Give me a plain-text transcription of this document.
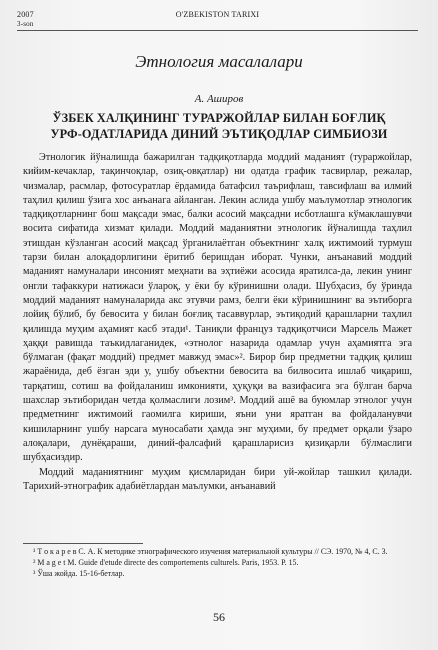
2007	O'ZBEKISTON TARIXI
3-son
Этнология масалалари
А. Ашиpов
ЎЗБЕК ХАЛҚИНИНГ ТУРАРЖОЙЛАР БИЛАН БОҒЛИҚ УРФ-ОДАТЛАРИДА ДИНИЙ ЭЪТИҚОДЛАР СИМБИОЗИ

Этнологик йўналишда бажарилган тадқиқотларда моддий маданият (тураржойлар, кийим-кечаклар, тақинчоқлар, озиқ-овқатлар) ни одатда график тасвирлар, режалар, чизмалар, расмлар, фотосуратлар ёрдамида батафсил таърифлаш, тавсифлаш ва илмий таҳлил қилиш ўзига хос анъанага айланган. Лекин аслида ушбу маълумотлар этнологик тадқиқотларнинг бош мақсади эмас, балки асосий мақсадни исботлашга кўмаклашувчи восита сифатида хизмат қилади. Моддий маданиятни этнологик йўналишда таҳлил этишдан кўзланган асосий мақсад ўрганилаётган объектнинг халқ ижтимоий турмуш тарзи билан алоқадорлигини ёритиб беришдан иборат. Чунки, анъанавий моддий маданият намуналари инсоният меҳнати ва эҳтиёжи асосида яратилса-да, лекин унинг онгли тафаккури натижаси ўлароқ, у ёки бу кўринишни олади. Шубҳасиз, бу ўринда моддий маданият намуналарида акс этувчи рамз, белги ёки кўринишнинг ва эътиборга лойиқ бўлиб, бу бевосита у билан боғлиқ тасаввурлар, эътиқодий қарашларни таҳлил қилишда муҳим аҳамият касб этади¹. Таниқли француз тадқиқотчиси Марсель Мажет ҳаққи равишда таъкидлаганидек, «этнолог назарида одамлар учун аҳамиятга эга бўлмаган (фақат моддий) предмет мавжуд эмас»². Бирор бир предметни тадқиқ қилиш жараёнида, деб ёзган эди у, ушбу объектни бевосита ва билвосита ишлаб чиқариш, тарқатиш, сотиш ва фойдаланиш имконияти, ҳуқуқи ва вазифасига эга бўлган барча шахслар эътиборидан четда қолмаслиги лозим³. Моддий ашё ва буюмлар этнолог учун предметнинг ижтимоий гаомилга кириши, яъни уни яратган ва фойдаланувчи кишиларнинг ушбу нарсага муносабати ҳамда энг муҳими, бу предмет орқали ўзаро алоқалари, дунёқараши, диний-фалсафий қарашларисиз қизиқарли бўлмаслиги шубҳасиздир.

Моддий маданиятнинг муҳим қисмларидан бири уй-жойлар ташкил қилади. Тарихий-этнографик адабиётлардан маълумки, анъанавий

¹ Т о к а р е в С. А. К методике этнографического изучения материальной культуры // СЭ. 1970, № 4, С. 3.
² M a g e t M. Guide d'etude directe des comportements culturels. Paris, 1953. P. 15.
³ Ўша жойда. 15-16-бетлар.
56
